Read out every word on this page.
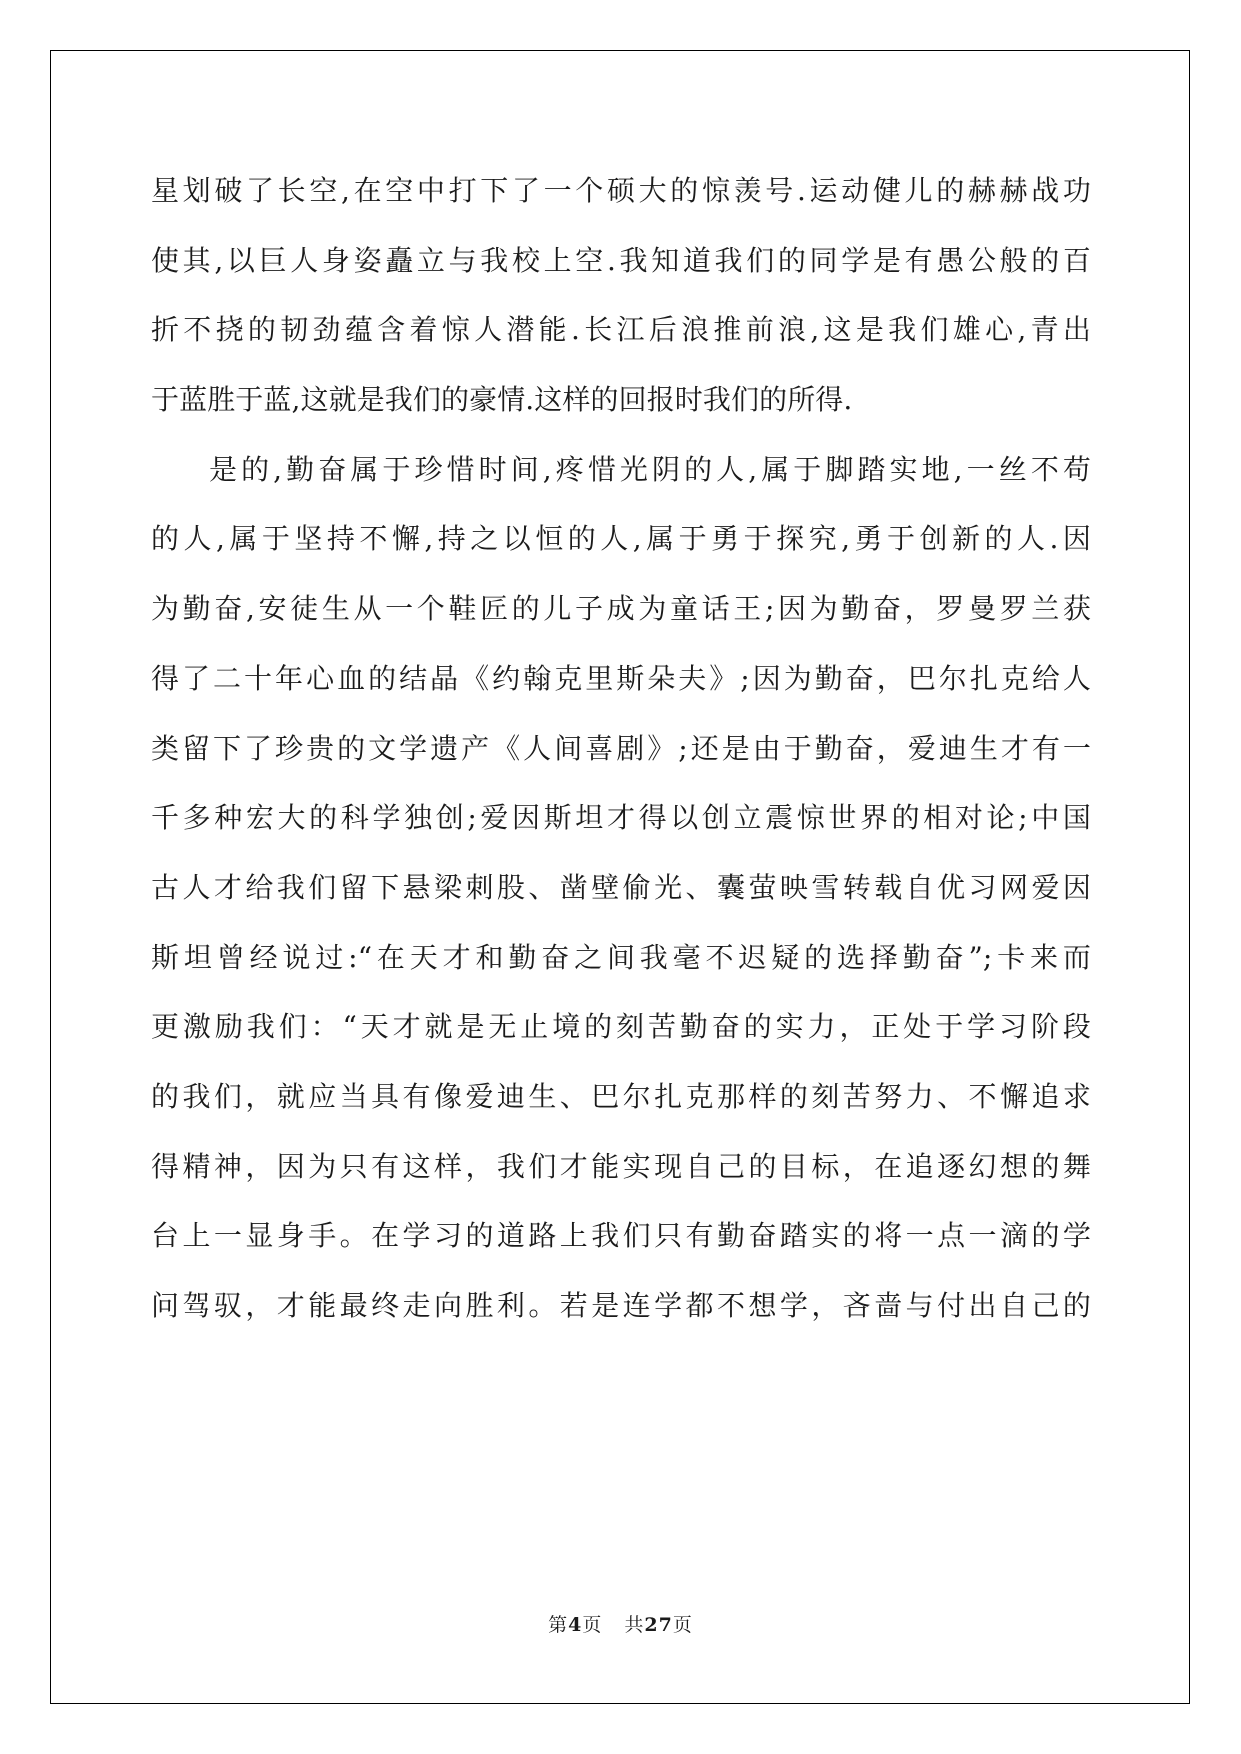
星划破了长空,在空中打下了一个硕大的惊羡号.运动健儿的赫赫战功
使其,以巨人身姿矗立与我校上空.我知道我们的同学是有愚公般的百
折不挠的韧劲蕴含着惊人潜能.长江后浪推前浪,这是我们雄心,青出
于蓝胜于蓝,这就是我们的豪情.这样的回报时我们的所得.
是的,勤奋属于珍惜时间,疼惜光阴的人,属于脚踏实地,一丝不苟
的人,属于坚持不懈,持之以恒的人,属于勇于探究,勇于创新的人.因
为勤奋,安徒生从一个鞋匠的儿子成为童话王;因为勤奋，罗曼罗兰获
得了二十年心血的结晶《约翰克里斯朵夫》;因为勤奋，巴尔扎克给人
类留下了珍贵的文学遗产《人间喜剧》;还是由于勤奋，爱迪生才有一
千多种宏大的科学独创;爱因斯坦才得以创立震惊世界的相对论;中国
古人才给我们留下悬梁刺股、凿壁偷光、囊萤映雪转载自优习网爱因
斯坦曾经说过:“在天才和勤奋之间我毫不迟疑的选择勤奋”;卡来而
更激励我们：“天才就是无止境的刻苦勤奋的实力，正处于学习阶段
的我们，就应当具有像爱迪生、巴尔扎克那样的刻苦努力、不懈追求
得精神，因为只有这样，我们才能实现自己的目标，在追逐幻想的舞
台上一显身手。在学习的道路上我们只有勤奋踏实的将一点一滴的学
问驾驭，才能最终走向胜利。若是连学都不想学，吝啬与付出自己的
第4页 共27页
